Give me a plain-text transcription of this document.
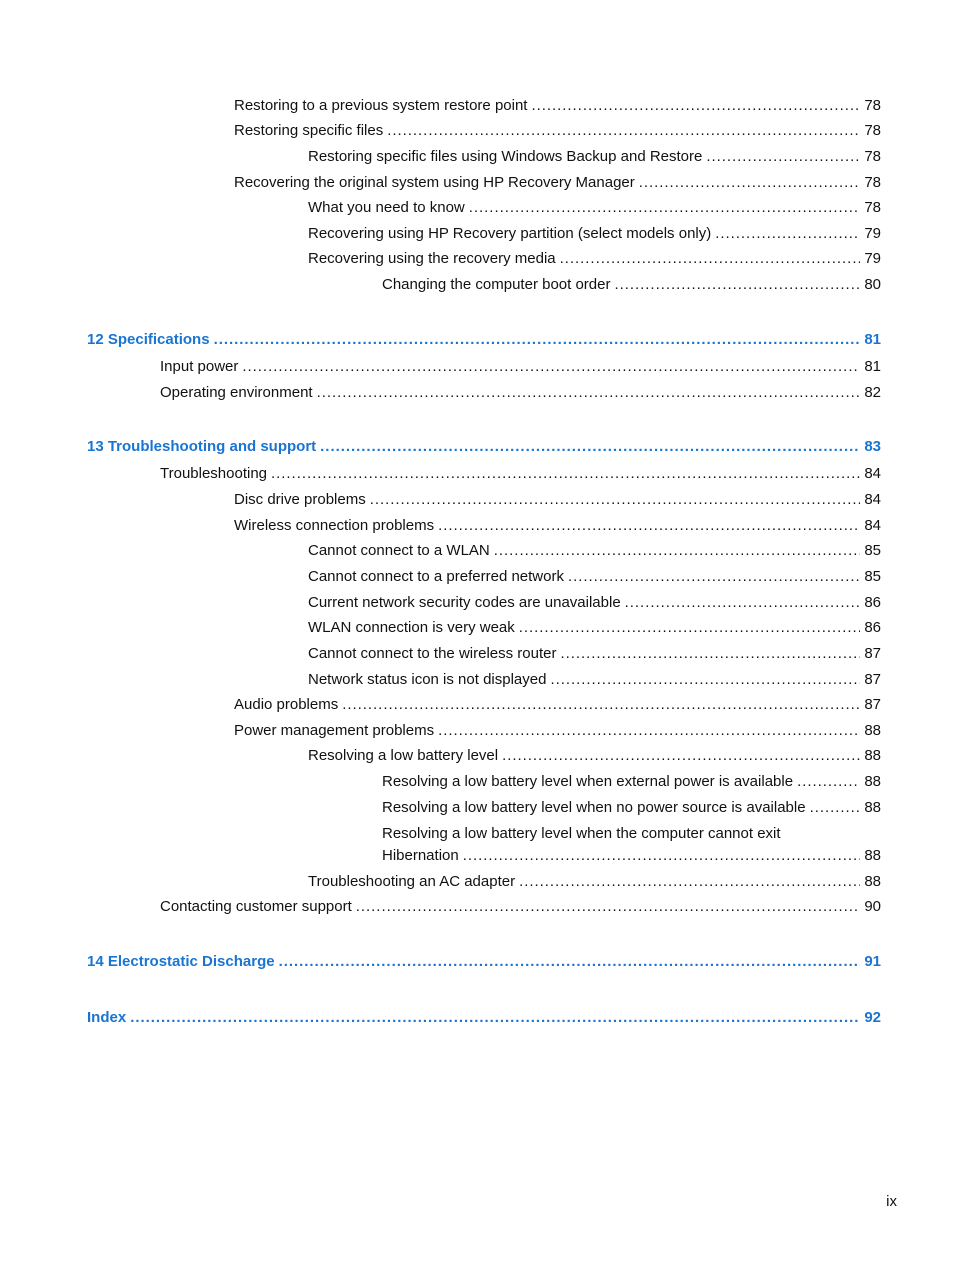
Restoring to a previous system restore point . . .	78
Restoring specific files . . .	78
Restoring specific files using Windows Backup and Restore . . .	78
Recovering the original system using HP Recovery Manager . . .	78
What you need to know . . .	78
Recovering using HP Recovery partition (select models only) . . .	79
Recovering using the recovery media . . .	79
Changing the computer boot order . . .	80
12 Specifications . . .	81
Input power . . .	81
Operating environment . . .	82
13 Troubleshooting and support . . .	83
Troubleshooting . . .	84
Disc drive problems . . .	84
Wireless connection problems . . .	84
Cannot connect to a WLAN . . .	85
Cannot connect to a preferred network . . .	85
Current network security codes are unavailable . . .	86
WLAN connection is very weak . . .	86
Cannot connect to the wireless router . . .	87
Network status icon is not displayed . . .	87
Audio problems . . .	87
Power management problems . . .	88
Resolving a low battery level . . .	88
Resolving a low battery level when external power is available . . .	88
Resolving a low battery level when no power source is available . . .	88
Resolving a low battery level when the computer cannot exit
Hibernation . . .	88
Troubleshooting an AC adapter . . .	88
Contacting customer support . . .	90
14 Electrostatic Discharge . . .	91
Index . . .	92
ix
